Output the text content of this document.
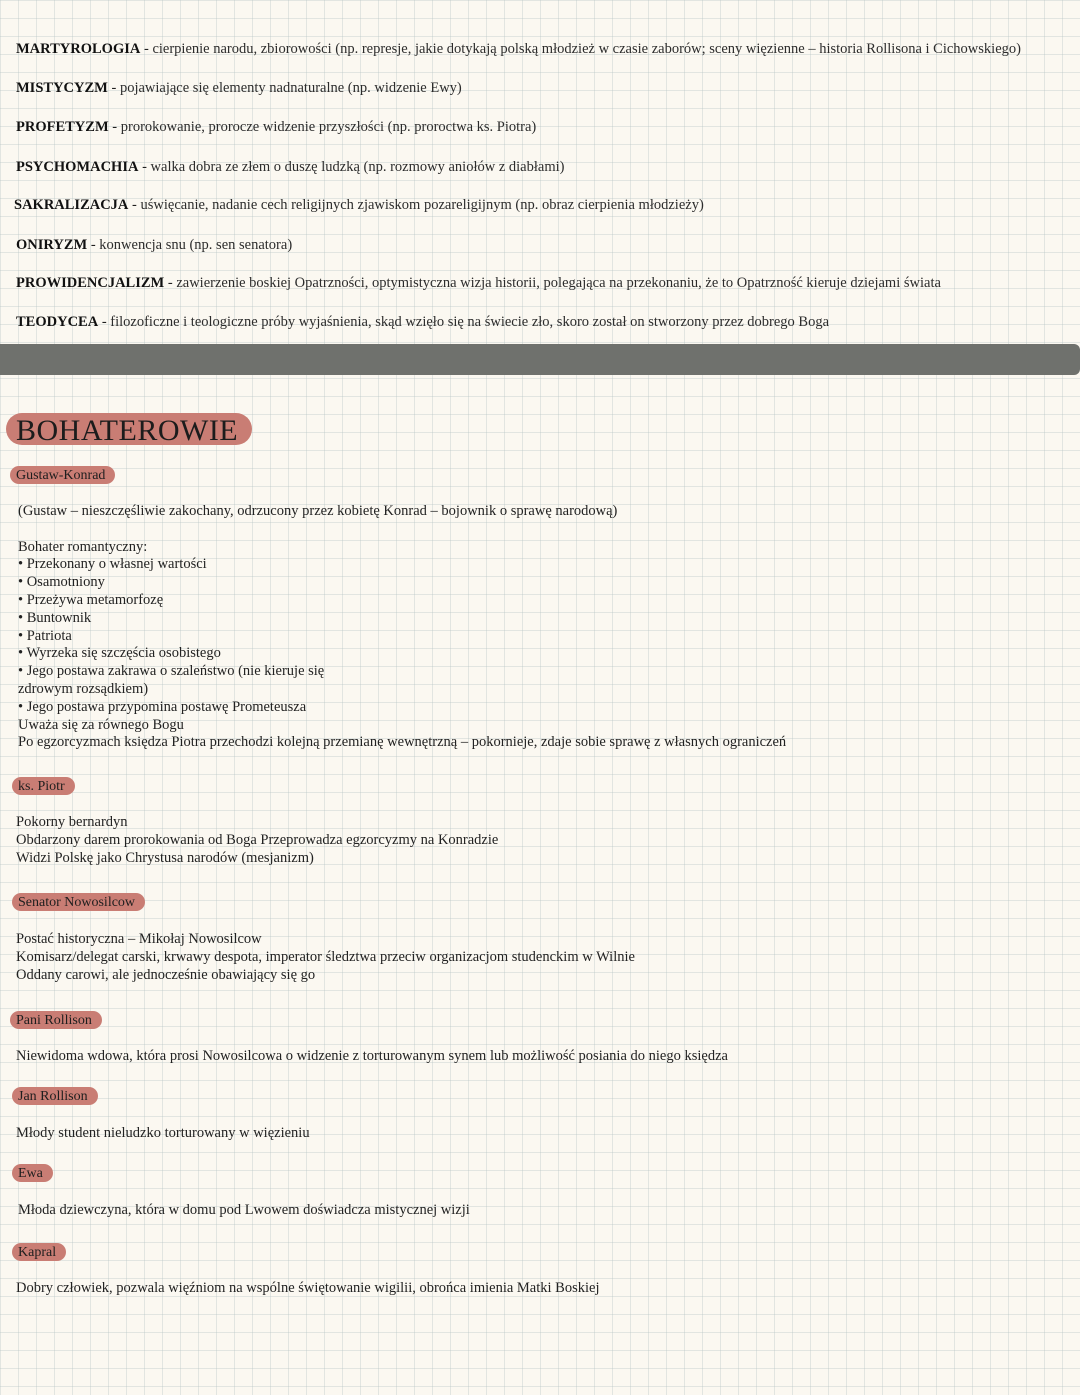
MARTYROLOGIA - cierpienie narodu, zbiorowości (np. represje, jakie dotykają polską młodzież w czasie zaborów; sceny więzienne – historia Rollisona i Cichowskiego)
MISTYCYZM - pojawiające się elementy nadnaturalne (np. widzenie Ewy)
PROFETYZM - prorokowanie, prorocze widzenie przyszłości (np. proroctwa ks. Piotra)
PSYCHOMACHIA - walka dobra ze złem o duszę ludzką (np. rozmowy aniołów z diabłami)
SAKRALIZACJA - uświęcanie, nadanie cech religijnych zjawiskom pozareligijnym (np. obraz cierpienia młodzieży)
ONIRYZM - konwencja snu (np. sen senatora)
PROWIDENCJALIZM - zawierzenie boskiej Opatrzności, optymistyczna wizja historii, polegająca na przekonaniu, że to Opatrzność kieruje dziejami świata
TEODYCEA - filozoficzne i teologiczne próby wyjaśnienia, skąd wzięło się na świecie zło, skoro został on stworzony przez dobrego Boga
BOHATEROWIE
Gustaw-Konrad
(Gustaw – nieszczęśliwie zakochany, odrzucony przez kobietę Konrad – bojownik o sprawę narodową)
Bohater romantyczny:
• Przekonany o własnej wartości
• Osamotniony
• Przeżywa metamorfozę
• Buntownik
• Patriota
• Wyrzeka się szczęścia osobistego
• Jego postawa zakrawa o szaleństwo (nie kieruje się
zdrowym rozsądkiem)
• Jego postawa przypomina postawę Prometeusza
Uważa się za równego Bogu
Po egzorcyzmach księdza Piotra przechodzi kolejną przemianę wewnętrzną – pokornieje, zdaje sobie sprawę z własnych ograniczeń
ks. Piotr
Pokorny bernardyn
Obdarzony darem prorokowania od Boga Przeprowadza egzorcyzmy na Konradzie
Widzi Polskę jako Chrystusa narodów (mesjanizm)
Senator Nowosilcow
Postać historyczna – Mikołaj Nowosilcow
Komisarz/delegat carski, krwawy despota, imperator śledztwa przeciw organizacjom studenckim w Wilnie
Oddany carowi, ale jednocześnie obawiający się go
Pani Rollison
Niewidoma wdowa, która prosi Nowosilcowa o widzenie z torturowanym synem lub możliwość posiania do niego księdza
Jan Rollison
Młody student nieludzko torturowany w więzieniu
Ewa
Młoda dziewczyna, która w domu pod Lwowem doświadcza mistycznej wizji
Kapral
Dobry człowiek, pozwala więźniom na wspólne świętowanie wigilii, obrońca imienia Matki Boskiej
